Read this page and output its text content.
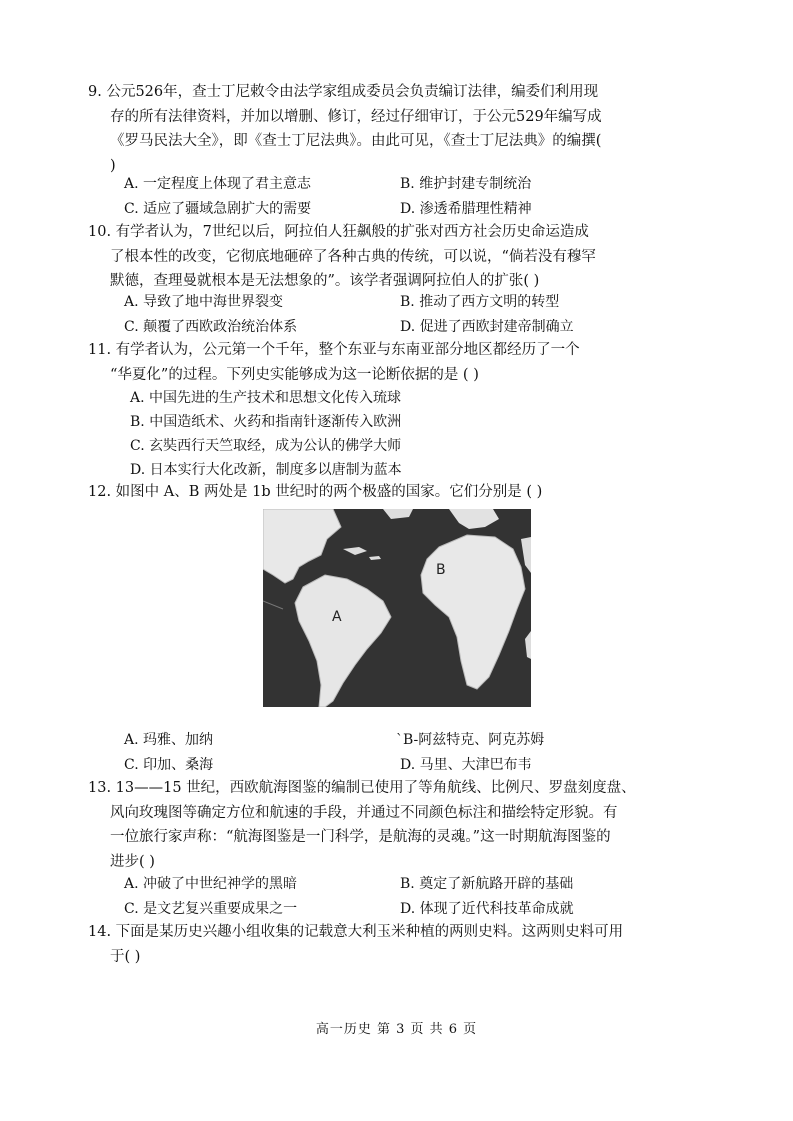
9. 公元526年，查士丁尼敕令由法学家组成委员会负责编订法律，编委们利用现
存的所有法律资料，并加以增删、修订，经过仔细审订，于公元529年编写成
《罗马民法大全》，即《查士丁尼法典》。由此可见，《查士丁尼法典》的编撰(
)
A. 一定程度上体现了君主意志	B. 维护封建专制统治
C. 适应了疆域急剧扩大的需要	D. 渗透希腊理性精神
10. 有学者认为，7世纪以后，阿拉伯人狂飙般的扩张对西方社会历史命运造成
了根本性的改变，它彻底地砸碎了各种古典的传统，可以说，“倘若没有穆罕
默德，查理曼就根本是无法想象的”。该学者强调阿拉伯人的扩张( )
A. 导致了地中海世界裂变	B. 推动了西方文明的转型
C. 颠覆了西欧政治统治体系	D. 促进了西欧封建帝制确立
11. 有学者认为，公元第一个千年，整个东亚与东南亚部分地区都经历了一个
“华夏化”的过程。下列史实能够成为这一论断依据的是 ( )
A. 中国先进的生产技术和思想文化传入琉球
B. 中国造纸术、火药和指南针逐渐传入欧洲
C. 玄奘西行天竺取经，成为公认的佛学大师
D. 日本实行大化改新，制度多以唐制为蓝本
12. 如图中 A、B 两处是 1b 世纪时的两个极盛的国家。它们分别是 ( )
A
B
A. 玛雅、加纳	`B-阿兹特克、阿克苏姆
C. 印加、桑海	D. 马里、大津巴布韦
13. 13——15 世纪，西欧航海图鉴的编制已使用了等角航线、比例尺、罗盘刻度盘、
风向玫瑰图等确定方位和航速的手段，并通过不同颜色标注和描绘特定形貌。有
一位旅行家声称：“航海图鉴是一门科学，是航海的灵魂。”这一时期航海图鉴的
进步( )
A. 冲破了中世纪神学的黑暗	B. 奠定了新航路开辟的基础
C. 是文艺复兴重要成果之一	D. 体现了近代科技革命成就
14. 下面是某历史兴趣小组收集的记载意大利玉米种植的两则史料。这两则史料可用
于( )
高一历史 第 3 页 共 6 页
